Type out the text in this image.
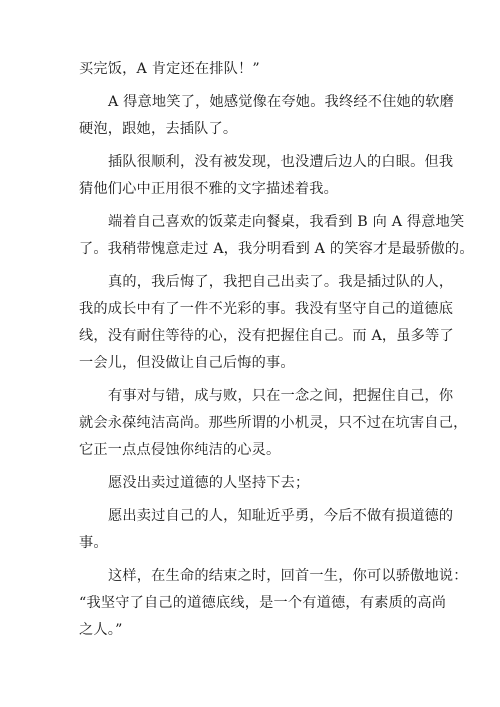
买完饭，A 肯定还在排队！”
A 得意地笑了，她感觉像在夸她。我终经不住她的软磨
硬泡，跟她，去插队了。
插队很顺利，没有被发现，也没遭后边人的白眼。但我
猜他们心中正用很不雅的文字描述着我。
端着自己喜欢的饭菜走向餐桌，我看到 B 向 A 得意地笑
了。我稍带愧意走过 A，我分明看到 A 的笑容才是最骄傲的。
真的，我后悔了，我把自己出卖了。我是插过队的人，
我的成长中有了一件不光彩的事。我没有坚守自己的道德底
线，没有耐住等待的心，没有把握住自己。而 A，虽多等了
一会儿，但没做让自己后悔的事。
有事对与错，成与败，只在一念之间，把握住自己，你
就会永葆纯洁高尚。那些所谓的小机灵，只不过在坑害自己，
它正一点点侵蚀你纯洁的心灵。
愿没出卖过道德的人坚持下去；
愿出卖过自己的人，知耻近乎勇，今后不做有损道德的
事。
这样，在生命的结束之时，回首一生，你可以骄傲地说：
“我坚守了自己的道德底线，是一个有道德，有素质的高尚
之人。”
